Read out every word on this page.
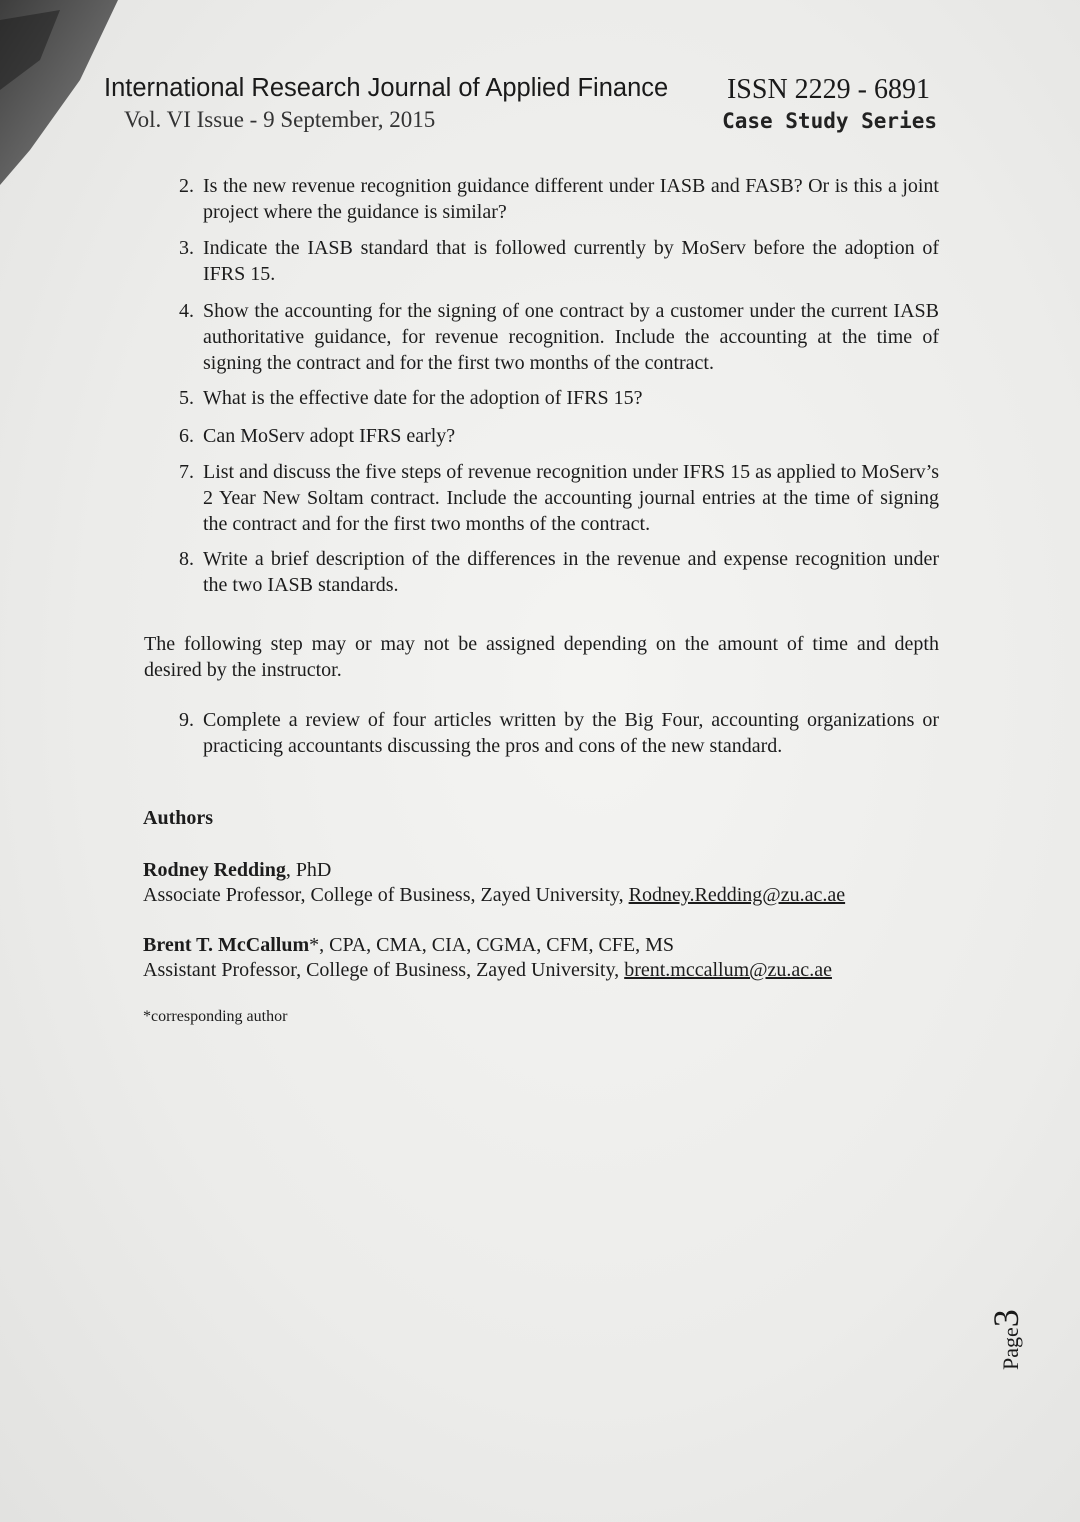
International Research Journal of Applied Finance ISSN 2229 - 6891
Vol. VI Issue - 9 September, 2015	Case Study Series
2. Is the new revenue recognition guidance different under IASB and FASB? Or is this a joint project where the guidance is similar?
3. Indicate the IASB standard that is followed currently by MoServ before the adoption of IFRS 15.
4. Show the accounting for the signing of one contract by a customer under the current IASB authoritative guidance, for revenue recognition. Include the accounting at the time of signing the contract and for the first two months of the contract.
5. What is the effective date for the adoption of IFRS 15?
6. Can MoServ adopt IFRS early?
7. List and discuss the five steps of revenue recognition under IFRS 15 as applied to MoServ’s 2 Year New Soltam contract. Include the accounting journal entries at the time of signing the contract and for the first two months of the contract.
8. Write a brief description of the differences in the revenue and expense recognition under the two IASB standards.
The following step may or may not be assigned depending on the amount of time and depth desired by the instructor.
9. Complete a review of four articles written by the Big Four, accounting organizations or practicing accountants discussing the pros and cons of the new standard.
Authors
Rodney Redding, PhD
Associate Professor, College of Business, Zayed University, Rodney.Redding@zu.ac.ae
Brent T. McCallum*, CPA, CMA, CIA, CGMA, CFM, CFE, MS
Assistant Professor, College of Business, Zayed University, brent.mccallum@zu.ac.ae
*corresponding author
Page3
